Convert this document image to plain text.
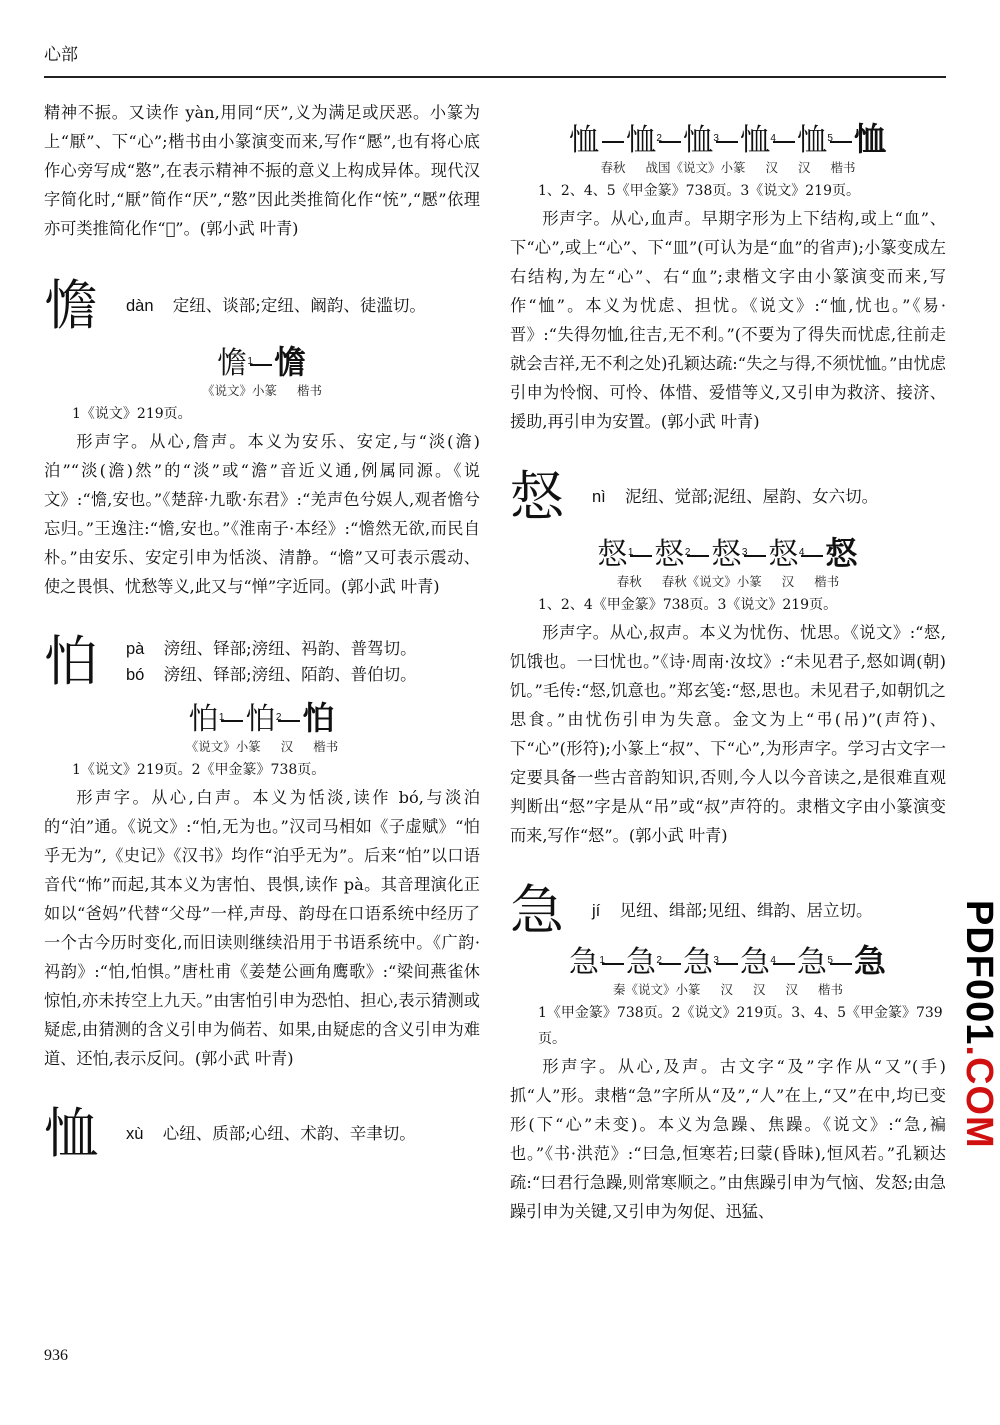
心部

精神不振。又读作 yàn,用同“厌”,义为满足或厌恶。小篆为上“厭”、下“心”;楷书由小篆演变而来,写作“懕”,也有将心底作心旁写成“㦘”,在表示精神不振的意义上构成异体。现代汉字简化时,“厭”简作“厌”,“㦘”因此类推简化作“㤝”,“懕”依理亦可类推简化作“𢙏”。(郭小武 叶青)

憺	dàn 定纽、谈部;定纽、阚韵、徒滥切。
憺 1 憺
《说文》小篆 楷书
1《说文》219页。

形声字。从心,詹声。本义为安乐、安定,与“淡(澹)泊”“淡(澹)然”的“淡”或“澹”音近义通,例属同源。《说文》:“憺,安也。”《楚辞·九歌·东君》:“羌声色兮娱人,观者憺兮忘归。”王逸注:“憺,安也。”《淮南子·本经》:“憺然无欲,而民自朴。”由安乐、安定引申为恬淡、清静。“憺”又可表示震动、使之畏惧、忧愁等义,此又与“惮”字近同。(郭小武 叶青)

怕	pà 滂纽、铎部;滂纽、祃韵、普驾切。
bó 滂纽、铎部;滂纽、陌韵、普伯切。
怕 1 怕 2 怕
《说文》小篆 汉 楷书
1《说文》219页。2《甲金篆》738页。

形声字。从心,白声。本义为恬淡,读作 bó,与淡泊的“泊”通。《说文》:“怕,无为也。”汉司马相如《子虚赋》“怕乎无为”,《史记》《汉书》均作“泊乎无为”。后来“怕”以口语音代“怖”而起,其本义为害怕、畏惧,读作 pà。其音理演化正如以“爸妈”代替“父母”一样,声母、韵母在口语系统中经历了一个古今历时变化,而旧读则继续沿用于书语系统中。《广韵·祃韵》:“怕,怕惧。”唐杜甫《姜楚公画角鹰歌》:“梁间燕雀休惊怕,亦未抟空上九天。”由害怕引申为恐怕、担心,表示猜测或疑虑,由猜测的含义引申为倘若、如果,由疑虑的含义引申为难道、还怕,表示反问。(郭小武 叶青)

恤	xù 心纽、质部;心纽、术韵、辛聿切。
恤 恤 2 恤 3 恤 4 恤 5 恤
春秋 战国《说文》小篆 汉 汉 楷书
1、2、4、5《甲金篆》738页。3《说文》219页。

形声字。从心,血声。早期字形为上下结构,或上“血”、下“心”,或上“心”、下“皿”(可认为是“血”的省声);小篆变成左右结构,为左“心”、右“血”;隶楷文字由小篆演变而来,写作“恤”。本义为忧虑、担忧。《说文》:“恤,忧也。”《易·晋》:“失得勿恤,往吉,无不利。”(不要为了得失而忧虑,往前走就会吉祥,无不利之处)孔颖达疏:“失之与得,不须忧恤。”由忧虑引申为怜悯、可怜、体惜、爱惜等义,又引申为救济、接济、援助,再引申为安置。(郭小武 叶青)

惄	nì 泥纽、觉部;泥纽、屋韵、女六切。
惄 1 惄 2 惄 3 惄 4 惄
春秋 春秋《说文》小篆 汉 楷书
1、2、4《甲金篆》738页。3《说文》219页。

形声字。从心,叔声。本义为忧伤、忧思。《说文》:“惄,饥饿也。一曰忧也。”《诗·周南·汝坟》:“未见君子,惄如调(朝)饥。”毛传:“惄,饥意也。”郑玄笺:“惄,思也。未见君子,如朝饥之思食。”由忧伤引申为失意。金文为上“弔(吊)”(声符)、下“心”(形符);小篆上“叔”、下“心”,为形声字。学习古文字一定要具备一些古音韵知识,否则,今人以今音读之,是很难直观判断出“惄”字是从“吊”或“叔”声符的。隶楷文字由小篆演变而来,写作“惄”。(郭小武 叶青)

急	jí 见纽、缉部;见纽、缉韵、居立切。
急 1 急 2 急 3 急 4 急 5 急
秦《说文》小篆 汉 汉 汉 楷书
1《甲金篆》738页。2《说文》219页。3、4、5《甲金篆》739页。

形声字。从心,及声。古文字“及”字作从“又”(手)抓“人”形。隶楷“急”字所从“及”,“人”在上,“又”在中,均已变形(下“心”未变)。本义为急躁、焦躁。《说文》:“急,褊也。”《书·洪范》:“曰急,恒寒若;曰蒙(昏昧),恒风若。”孔颖达疏:“曰君行急躁,则常寒顺之。”由焦躁引申为气恼、发怒;由急躁引申为关键,又引申为匆促、迅猛、

936
PDF001.COM
